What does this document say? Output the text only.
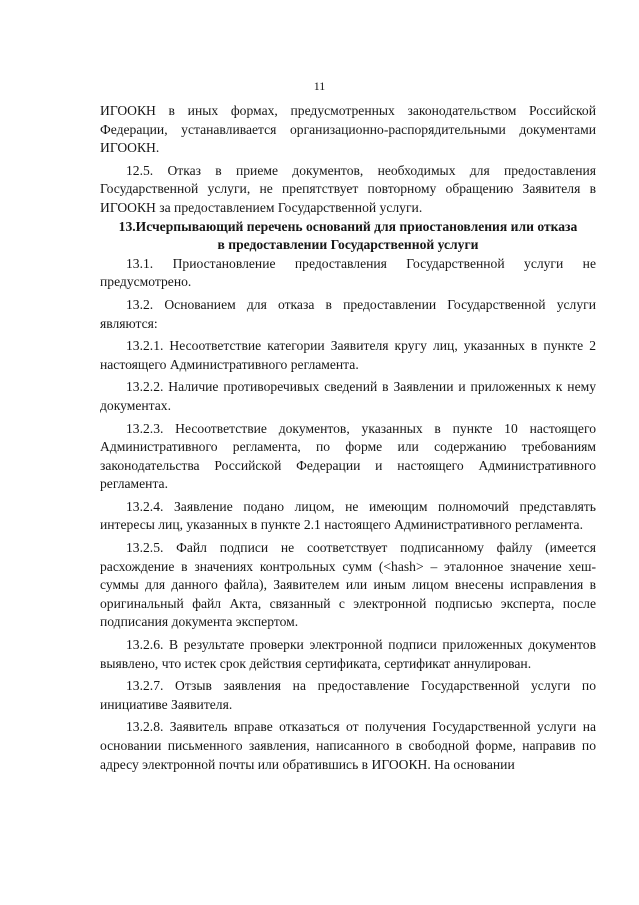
11

ИГООКН в иных формах, предусмотренных законодательством Российской Федерации, устанавливается организационно-распорядительными документами ИГООКН.

12.5. Отказ в приеме документов, необходимых для предоставления Государственной услуги, не препятствует повторному обращению Заявителя в ИГООКН за предоставлением Государственной услуги.

13.Исчерпывающий перечень оснований для приостановления или отказа в предоставлении Государственной услуги

13.1. Приостановление предоставления Государственной услуги не предусмотрено.

13.2. Основанием для отказа в предоставлении Государственной услуги являются:

13.2.1. Несоответствие категории Заявителя кругу лиц, указанных в пункте 2 настоящего Административного регламента.

13.2.2. Наличие противоречивых сведений в Заявлении и приложенных к нему документах.

13.2.3. Несоответствие документов, указанных в пункте 10 настоящего Административного регламента, по форме или содержанию требованиям законодательства Российской Федерации и настоящего Административного регламента.

13.2.4. Заявление подано лицом, не имеющим полномочий представлять интересы лиц, указанных в пункте 2.1 настоящего Административного регламента.

13.2.5. Файл подписи не соответствует подписанному файлу (имеется расхождение в значениях контрольных сумм (<hash> – эталонное значение хеш-суммы для данного файла), Заявителем или иным лицом внесены исправления в оригинальный файл Акта, связанный с электронной подписью эксперта, после подписания документа экспертом.

13.2.6. В результате проверки электронной подписи приложенных документов выявлено, что истек срок действия сертификата, сертификат аннулирован.

13.2.7. Отзыв заявления на предоставление Государственной услуги по инициативе Заявителя.

13.2.8. Заявитель вправе отказаться от получения Государственной услуги на основании письменного заявления, написанного в свободной форме, направив по адресу электронной почты или обратившись в ИГООКН. На основании
